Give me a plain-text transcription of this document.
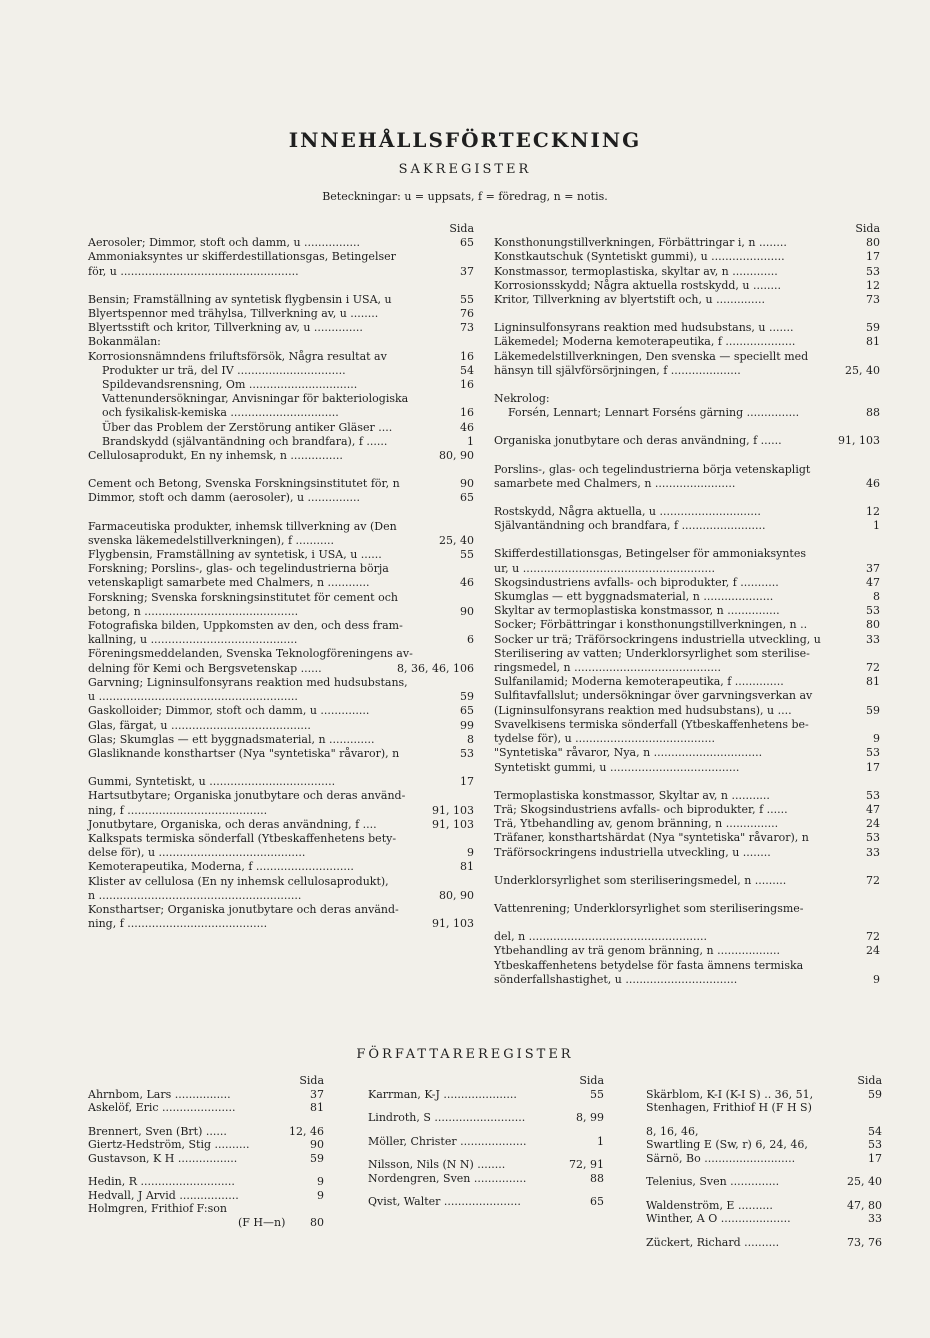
INNEHÅLLSFÖRTECKNING
SAKREGISTER
Beteckningar: u = uppsats, f = föredrag, n = notis.
Sida
Aerosoler; Dimmor, stoft och damm, u ................	65
Ammoniaksyntes ur skifferdestillationsgas, Betingelser
för, u ...................................................	37
Bensin; Framställning av syntetisk flygbensin i USA, u	55
Blyertspennor med trähylsa, Tillverkning av, u ........	76
Blyertsstift och kritor, Tillverkning av, u ..............	73
Bokanmälan:
Korrosionsnämndens friluftsförsök, Några resultat av	16
Produkter ur trä, del IV ...............................	54
Spildevandsrensning, Om ...............................	16
Vattenundersökningar, Anvisningar för bakteriologiska
och fysikalisk-kemiska ...............................	16
Über das Problem der Zerstörung antiker Gläser ....	46
Brandskydd (självantändning och brandfara), f ......	1
Cellulosaprodukt, En ny inhemsk, n ...............	80, 90
Cement och Betong, Svenska Forskningsinstitutet för, n	90
Dimmor, stoft och damm (aerosoler), u ...............	65
Farmaceutiska produkter, inhemsk tillverkning av (Den
svenska läkemedelstillverkningen), f ...........	25, 40
Flygbensin, Framställning av syntetisk, i USA, u ......	55
Forskning; Porslins-, glas- och tegelindustrierna börja
vetenskapligt samarbete med Chalmers, n ............	46
Forskning; Svenska forskningsinstitutet för cement och
betong, n ............................................	90
Fotografiska bilden, Uppkomsten av den, och dess fram-
kallning, u ..........................................	6
Föreningsmeddelanden, Svenska Teknologföreningens av-
delning för Kemi och Bergsvetenskap ......	8, 36, 46, 106
Garvning; Ligninsulfonsyrans reaktion med hudsubstans,
u .........................................................	59
Gaskolloider; Dimmor, stoft och damm, u ..............	65
Glas, färgat, u ........................................	99
Glas; Skumglas — ett byggnadsmaterial, n .............	8
Glasliknande konsthartser (Nya "syntetiska" råvaror), n	53
Gummi, Syntetiskt, u ....................................	17
Hartsutbytare; Organiska jonutbytare och deras använd-
ning, f ........................................	91, 103
Jonutbytare, Organiska, och deras användning, f ....	91, 103
Kalkspats termiska sönderfall (Ytbeskaffenhetens bety-
delse för), u ..........................................	9
Kemoterapeutika, Moderna, f ............................	81
Klister av cellulosa (En ny inhemsk cellulosaprodukt),
n ..........................................................	80, 90
Konsthartser; Organiska jonutbytare och deras använd-
ning, f ........................................	91, 103
Sida
Konsthonungstillverkningen, Förbättringar i, n ........	80
Konstkautschuk (Syntetiskt gummi), u .....................	17
Konstmassor, termoplastiska, skyltar av, n .............	53
Korrosionsskydd; Några aktuella rostskydd, u ........	12
Kritor, Tillverkning av blyertstift och, u ..............	73
Ligninsulfonsyrans reaktion med hudsubstans, u .......	59
Läkemedel; Moderna kemoterapeutika, f ....................	81
Läkemedelstillverkningen, Den svenska — speciellt med
hänsyn till självförsörjningen, f ....................	25, 40
Nekrolog:
Forsén, Lennart; Lennart Forséns gärning ...............	88
Organiska jonutbytare och deras användning, f ......	91, 103
Porslins-, glas- och tegelindustrierna börja vetenskapligt
samarbete med Chalmers, n .......................	46
Rostskydd, Några aktuella, u .............................	12
Självantändning och brandfara, f ........................	1
Skifferdestillationsgas, Betingelser för ammoniaksyntes
ur, u .......................................................	37
Skogsindustriens avfalls- och biprodukter, f ...........	47
Skumglas — ett byggnadsmaterial, n ....................	8
Skyltar av termoplastiska konstmassor, n ...............	53
Socker; Förbättringar i konsthonungstillverkningen, n ..	80
Socker ur trä; Träförsockringens industriella utveckling, u	33
Sterilisering av vatten; Underklorsyrlighet som sterilise-
ringsmedel, n ..........................................	72
Sulfanilamid; Moderna kemoterapeutika, f ..............	81
Sulfitavfallslut; undersökningar över garvningsverkan av
(Ligninsulfonsyrans reaktion med hudsubstans), u ....	59
Svavelkisens termiska sönderfall (Ytbeskaffenhetens be-
tydelse för), u ........................................	9
"Syntetiska" råvaror, Nya, n ...............................	53
Syntetiskt gummi, u .....................................	17
Termoplastiska konstmassor, Skyltar av, n ...........	53
Trä; Skogsindustriens avfalls- och biprodukter, f ......	47
Trä, Ytbehandling av, genom bränning, n ...............	24
Träfaner, konsthartshärdat (Nya "syntetiska" råvaror), n	53
Träförsockringens industriella utveckling, u ........	33
Underklorsyrlighet som steriliseringsmedel, n .........	72
Vattenrening; Underklorsyrlighet som steriliseringsme-
del, n ...................................................	72
Ytbehandling av trä genom bränning, n ..................	24
Ytbeskaffenhetens betydelse för fasta ämnens termiska
sönderfallshastighet, u ................................	9
FÖRFATTAREREGISTER
Sida
Ahrnbom, Lars ................	37
Askelöf, Eric .....................	81
Brennert, Sven (Brt) ......	12, 46
Giertz-Hedström, Stig ..........	90
Gustavson, K H .................	59
Hedin, R ...........................	9
Hedvall, J Arvid .................	9
Holmgren, Frithiof F:son
(F H—n) 80
Sida
Karrman, K-J .....................	55
Lindroth, S ..........................	8, 99
Möller, Christer ...................	1
Nilsson, Nils (N N) ........	72, 91
Nordengren, Sven ...............	88
Qvist, Walter ......................	65
Sida
Skärblom, K-I (K-I S) .. 36, 51,	59
Stenhagen, Frithiof H (F H S)
8, 16, 46,	54
Swartling E (Sw, r) 6, 24, 46,	53
Särnö, Bo ..........................	17
Telenius, Sven ..............	25, 40
Waldenström, E ..........	47, 80
Winther, A O ....................	33
Zückert, Richard ..........	73, 76
